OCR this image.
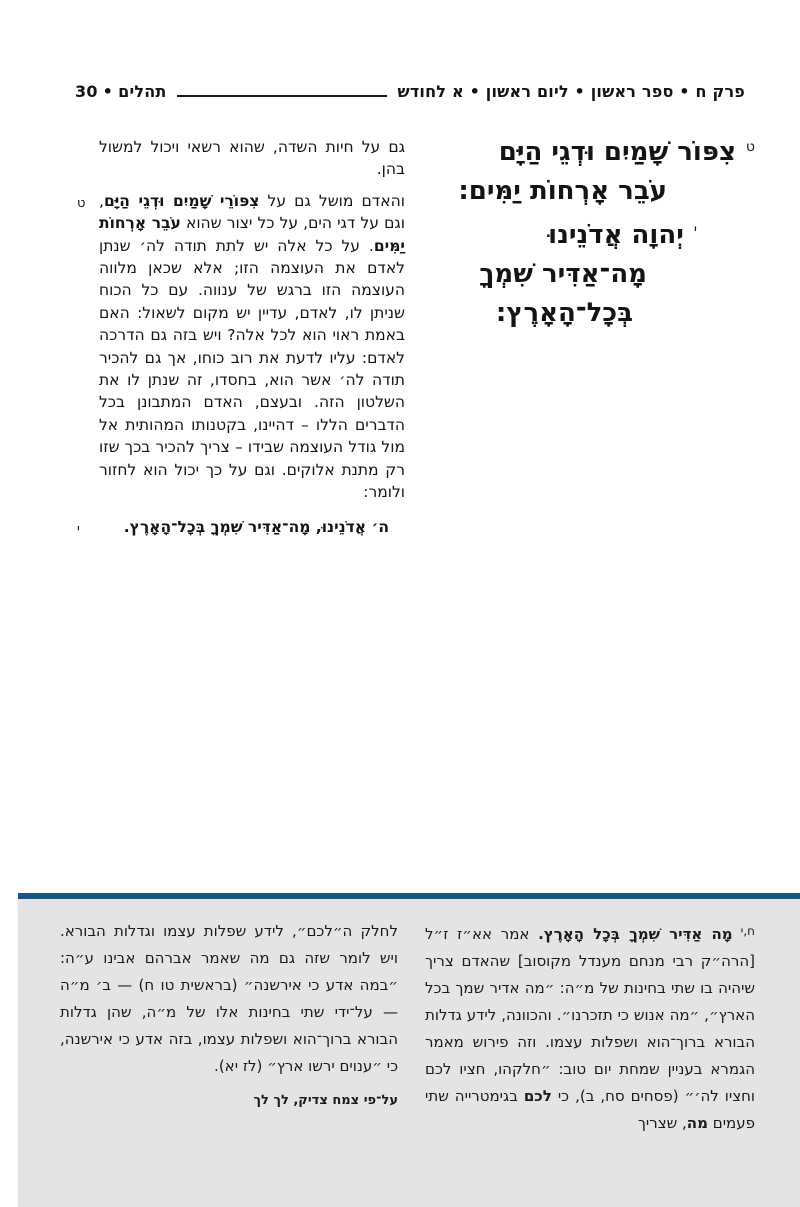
פרק ח • ספר ראשון • ליום ראשון • א לחודש
תהלים•30
$^ט$צִפּוֹר שָׁמַיִם וּדְגֵי הַיָּם
עֹבֵר אָרְחוֹת יַמִּים:
$^י$יְהוָה אֲדֹנֵינוּ
מָה־אַדִּיר שִׁמְךָ
בְּכָל־הָאָרֶץ:

גם על חיות השדה, שהוא רשאי ויכול למשול בהן.

ט	והאדם מושל גם על צִפּוֹרֵי שָׁמַיִם וּדְגֵי הַיָּם, וגם על דגי הים, על כל יצור שהוא עֹבֵר אָרְחוֹת יַמִּים. על כל אלה יש לתת תודה לה׳ שנתן לאדם את העוצמה הזו; אלא שכאן מלווה העוצמה הזו ברגש של ענווה. עם כל הכוח שניתן לו, לאדם, עדיין יש מקום לשאול: האם באמת ראוי הוא לכל אלה? ויש בזה גם הדרכה לאדם: עליו לדעת את רוב כוחו, אך גם להכיר תודה לה׳ אשר הוא, בחסדו, זה שנתן לו את השלטון הזה. ובעצם, האדם המתבונן בכל הדברים הללו – דהיינו, בקטנותו המהותית אל מול גודל העוצמה שבידו – צריך להכיר בכך שזו רק מתנת אלוקים. וגם על כך יכול הוא לחזור ולומר:

י	ה׳ אֲדֹנֵינוּ, מָה־אַדִּיר שִׁמְךָ בְּכָל־הָאָרֶץ.

$^{ח,י}$מָה אַדִּיר שִׁמְךָ בְּכָל הָאָרֶץ. אמר אא״ז ז״ל [הרה״ק רבי מנחם מענדל מקוסוב] שהאדם צריך שיהיה בו שתי בחינות של מ״ה: ״מה אדיר שמך בכל הארץ״, ״מה אנוש כי תזכרנו״. והכוונה, לידע גדלות הבורא ברוך־הוא ושפלות עצמו. וזה פירוש מאמר הגמרא בעניין שמחת יום טוב: ״חלקהו, חציו לכם וחציו לה׳״ (פסחים סח, ב), כי לכם בגימטרייה שתי פעמים מה, שצריך
לחלק ה״לכם״, לידע שפלות עצמו וגדלות הבורא. ויש לומר שזה גם מה שאמר אברהם אבינו ע״ה: ״במה אדע כי אירשנה״ (בראשית טו ח) — ב׳ מ״ה — על־ידי שתי בחינות אלו של מ״ה, שהן גדלות הבורא ברוך־הוא ושפלות עצמו, בזה אדע כי אירשנה, כי ״ענוים ירשו ארץ״ (לז יא).
על־פי צמח צדיק, לך לך
